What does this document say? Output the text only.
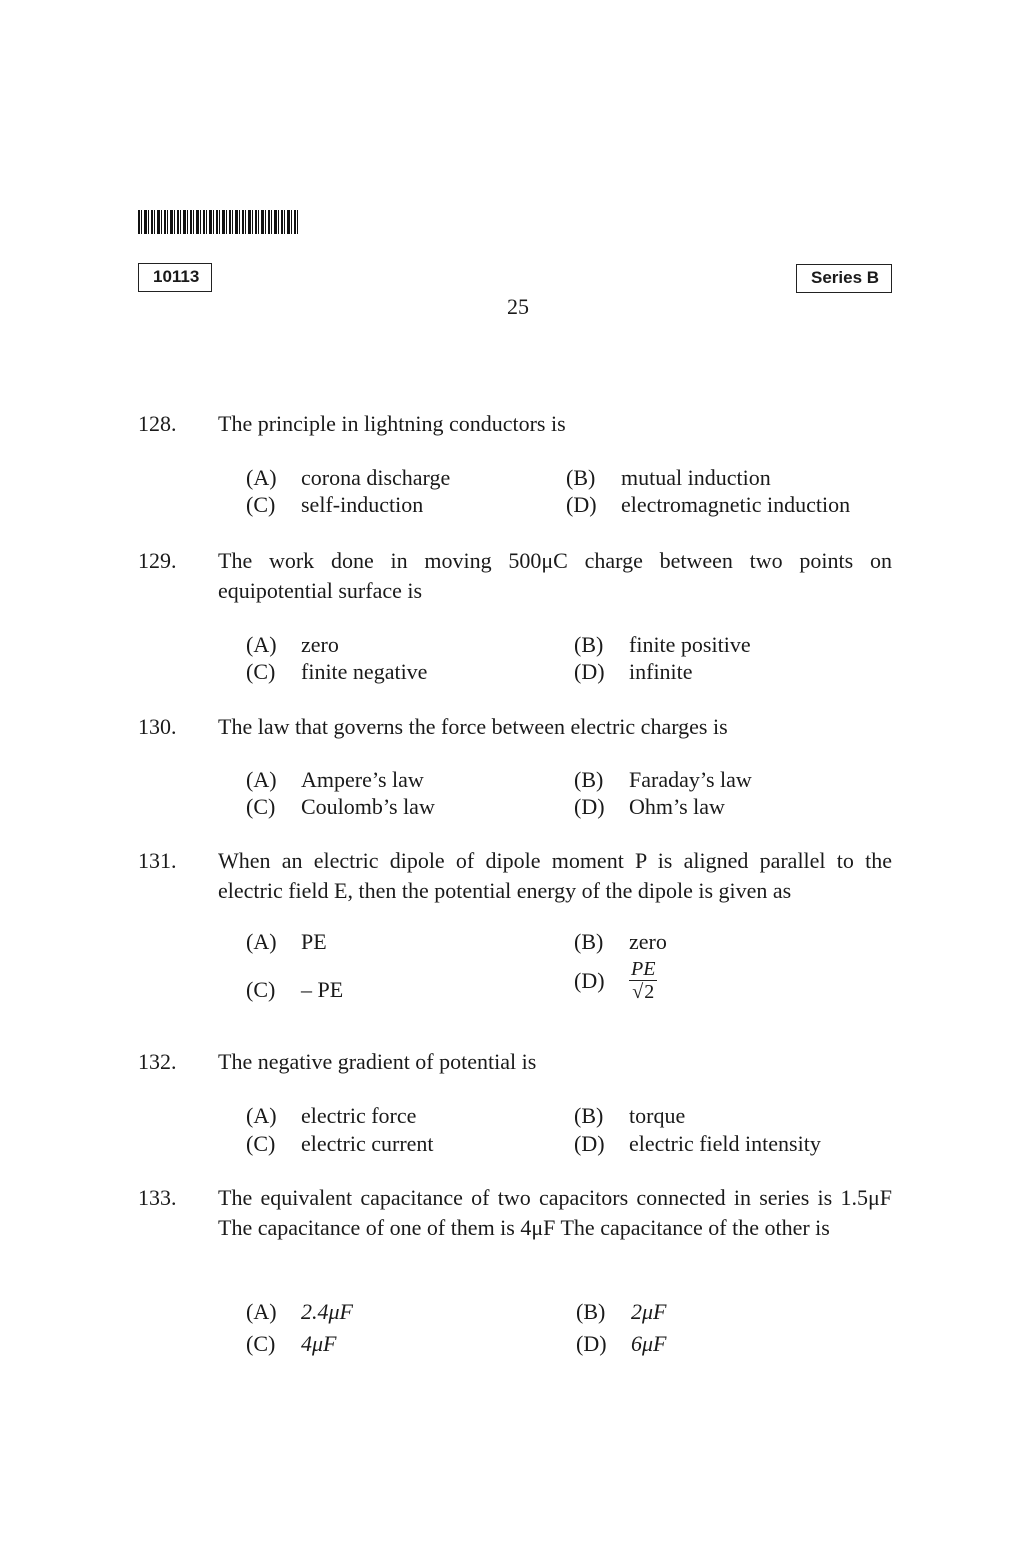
10113	Series B
25
128.	The principle in lightning conductors is
(A) corona discharge	(B) mutual induction
(C) self-induction	(D) electromagnetic induction
129.	The work done in moving 500μC charge between two points on equipotential surface is
(A) zero	(B) finite positive
(C) finite negative	(D) infinite
130.	The law that governs the force between electric charges is
(A) Ampere’s law	(B) Faraday’s law
(C) Coulomb’s law	(D) Ohm’s law
131.	When an electric dipole of dipole moment P is aligned parallel to the electric field E, then the potential energy of the dipole is given as
(A) PE	(B) zero
(C) – PE	$(D) \frac{PE}{√2}$
132.	The negative gradient of potential is
(A) electric force	(B) torque
(C) electric current	(D) electric field intensity
133.	The equivalent capacitance of two capacitors connected in series is 1.5μF The capacitance of one of them is 4μF The capacitance of the other is
(A) 2.4μF	(B) 2μF
(C) 4μF	(D) 6μF
